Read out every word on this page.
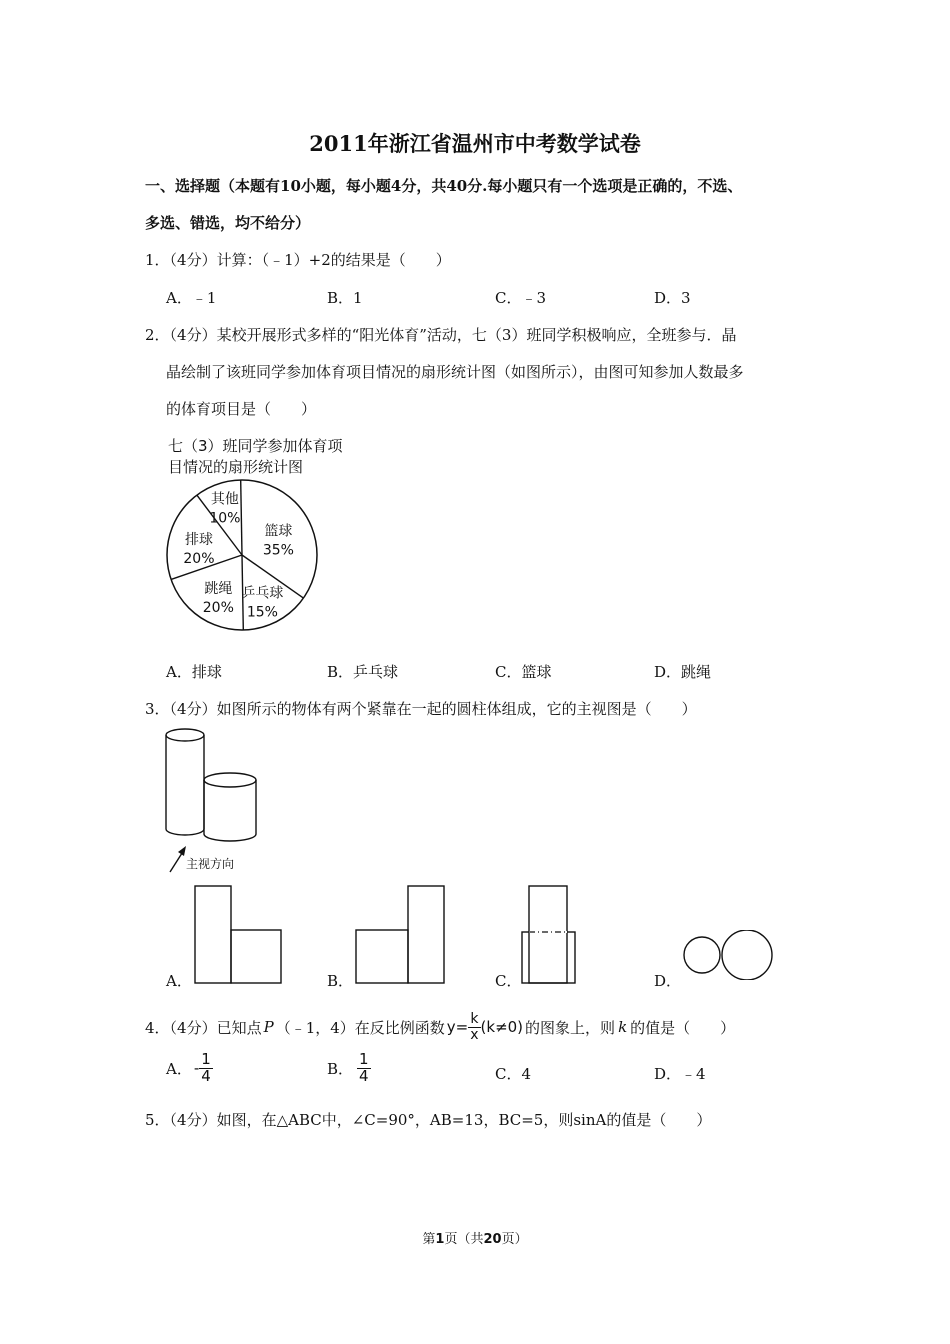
2011年浙江省温州市中考数学试卷
一、选择题（本题有10小题，每小题4分，共40分.每小题只有一个选项是正确的，不选、
多选、错选，均不给分）
1．（4分）计算：（﹣1）+2的结果是（　　）
A．﹣1	B．1	C．﹣3	D．3
2．（4分）某校开展形式多样的“阳光体育”活动，七（3）班同学积极响应，全班参与．晶
晶绘制了该班同学参加体育项目情况的扇形统计图（如图所示），由图可知参加人数最多
的体育项目是（　　）
七（3）班同学参加体育项
目情况的扇形统计图
篮球
35%
乒乓球
15%
跳绳
20%
排球
20%
其他
10%
A．排球	B．乒乓球	C．篮球	D．跳绳
3．（4分）如图所示的物体有两个紧靠在一起的圆柱体组成，它的主视图是（　　）
主视方向
A．	B．	C．	D．
4．（4分）已知点 P （﹣1，4）在反比例函数 $y= \frac{k}{x} (k\ne 0)$ 的图象上，则 k 的值是（　　）
A． - $\frac{1}{4}$	B． $\frac{1}{4}$	C．4	D．﹣4
5．（4分）如图，在△ABC中，∠C=90°，AB=13，BC=5，则sinA的值是（　　）
第1页（共20页）
